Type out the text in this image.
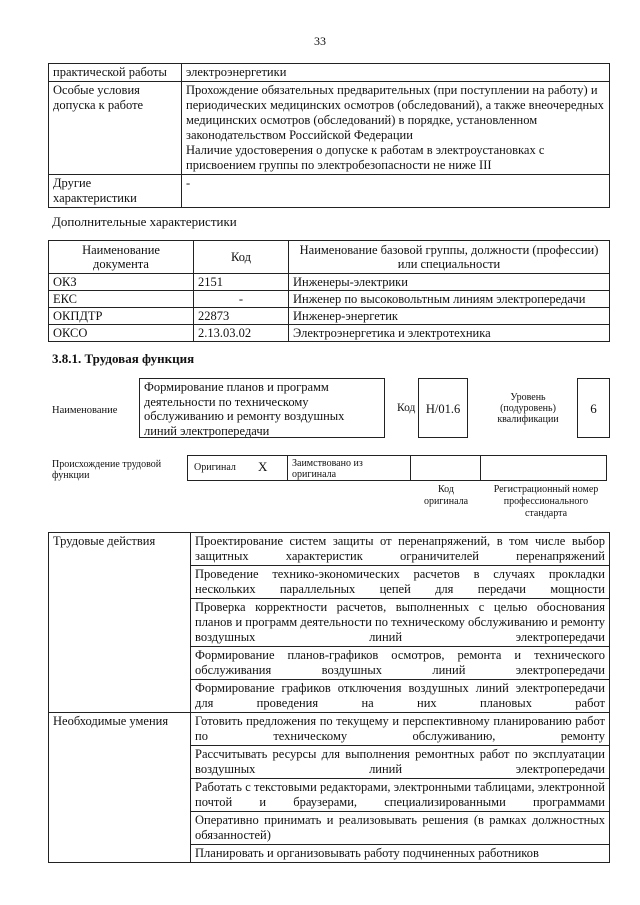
33
практической работы	электроэнергетики
Особые условия допуска к работе	Прохождение обязательных предварительных (при поступлении на работу) и периодических медицинских осмотров (обследований), а также внеочередных медицинских осмотров (обследований) в порядке, установленном законодательством Российской Федерации
Наличие удостоверения о допуске к работам в электроустановках с присвоением группы по электробезопасности не ниже III

Другие характеристики	-
Дополнительные характеристики
Наименование документа	Код	Наименование базовой группы, должности (профессии) или специальности
ОКЗ	2151	Инженеры-электрики
ЕКС	-	Инженер по высоковольтным линиям электропередачи
ОКПДТР	22873	Инженер-энергетик
ОКСО	2.13.03.02	Электроэнергетика и электротехника
3.8.1. Трудовая функция
Наименование
Формирование планов и программ деятельности по техническому обслуживанию и ремонту воздушных линий электропередачи
Код H/01.6
Уровень (подуровень) квалификации
6
Происхождение трудовой функции
Оригинал X Заимствовано из оригинала
Код оригинала
Регистрационный номер профессионального стандарта
Трудовые действия	Проектирование систем защиты от перенапряжений, в том числе выбор защитных характеристик ограничителей перенапряжений
	Проведение технико-экономических расчетов в случаях прокладки нескольких параллельных цепей для передачи мощности
	Проверка корректности расчетов, выполненных с целью обоснования планов и программ деятельности по техническому обслуживанию и ремонту воздушных линий электропередачи
	Формирование планов-графиков осмотров, ремонта и технического обслуживания воздушных линий электропередачи
	Формирование графиков отключения воздушных линий электропередачи для проведения на них плановых работ
Необходимые умения	Готовить предложения по текущему и перспективному планированию работ по техническому обслуживанию, ремонту
	Рассчитывать ресурсы для выполнения ремонтных работ по эксплуатации воздушных линий электропередачи
	Работать с текстовыми редакторами, электронными таблицами, электронной почтой и браузерами, специализированными программами
	Оперативно принимать и реализовывать решения (в рамках должностных обязанностей)
	Планировать и организовывать работу подчиненных работников
